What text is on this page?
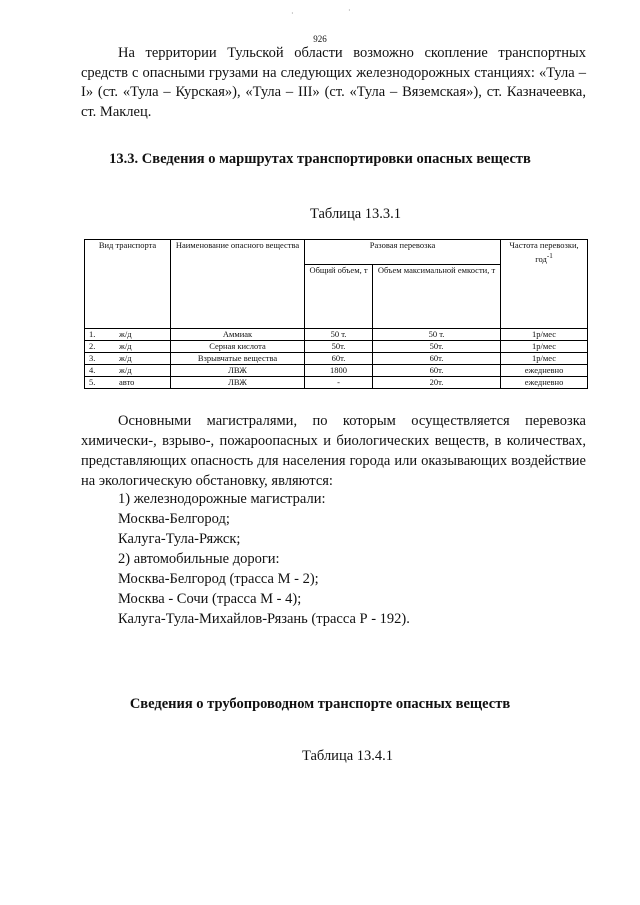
926

На территории Тульской области возможно скопление транспортных средств с опасными грузами на следующих железнодорожных станциях: «Тула – I» (ст. «Тула – Курская»), «Тула – III» (ст. «Тула – Вяземская»), ст. Казначеевка, ст. Маклец.

13.3. Сведения о маршрутах транспортировки опасных веществ
Таблица 13.3.1
Вид транспорта	Наименование опасного вещества	Разовая перевозка		Частота перевозки, год$^{-1}$
		Общий объем, т	Объем максимальной емкости, т	
1. ж/д	Аммиак	50 т.	50 т.	1р/мес
2. ж/д	Серная кислота	50т.	50т.	1р/мес
3. ж/д	Взрывчатые вещества	60т.	60т.	1р/мес
4. ж/д	ЛВЖ	1800	60т.	ежедневно
5. авто	ЛВЖ	-	20т.	ежедневно

Основными магистралями, по которым осуществляется перевозка химически-, взрыво-, пожароопасных и биологических веществ, в количествах, представляющих опасность для населения города или оказывающих воздействие на экологическую обстановку, являются:

1) железнодорожные магистрали:
Москва-Белгород;
Калуга-Тула-Ряжск;
2) автомобильные дороги:
Москва-Белгород (трасса М - 2);
Москва - Сочи (трасса М - 4);
Калуга-Тула-Михайлов-Рязань (трасса Р - 192).
Сведения о трубопроводном транспорте опасных веществ
Таблица 13.4.1
·
·
